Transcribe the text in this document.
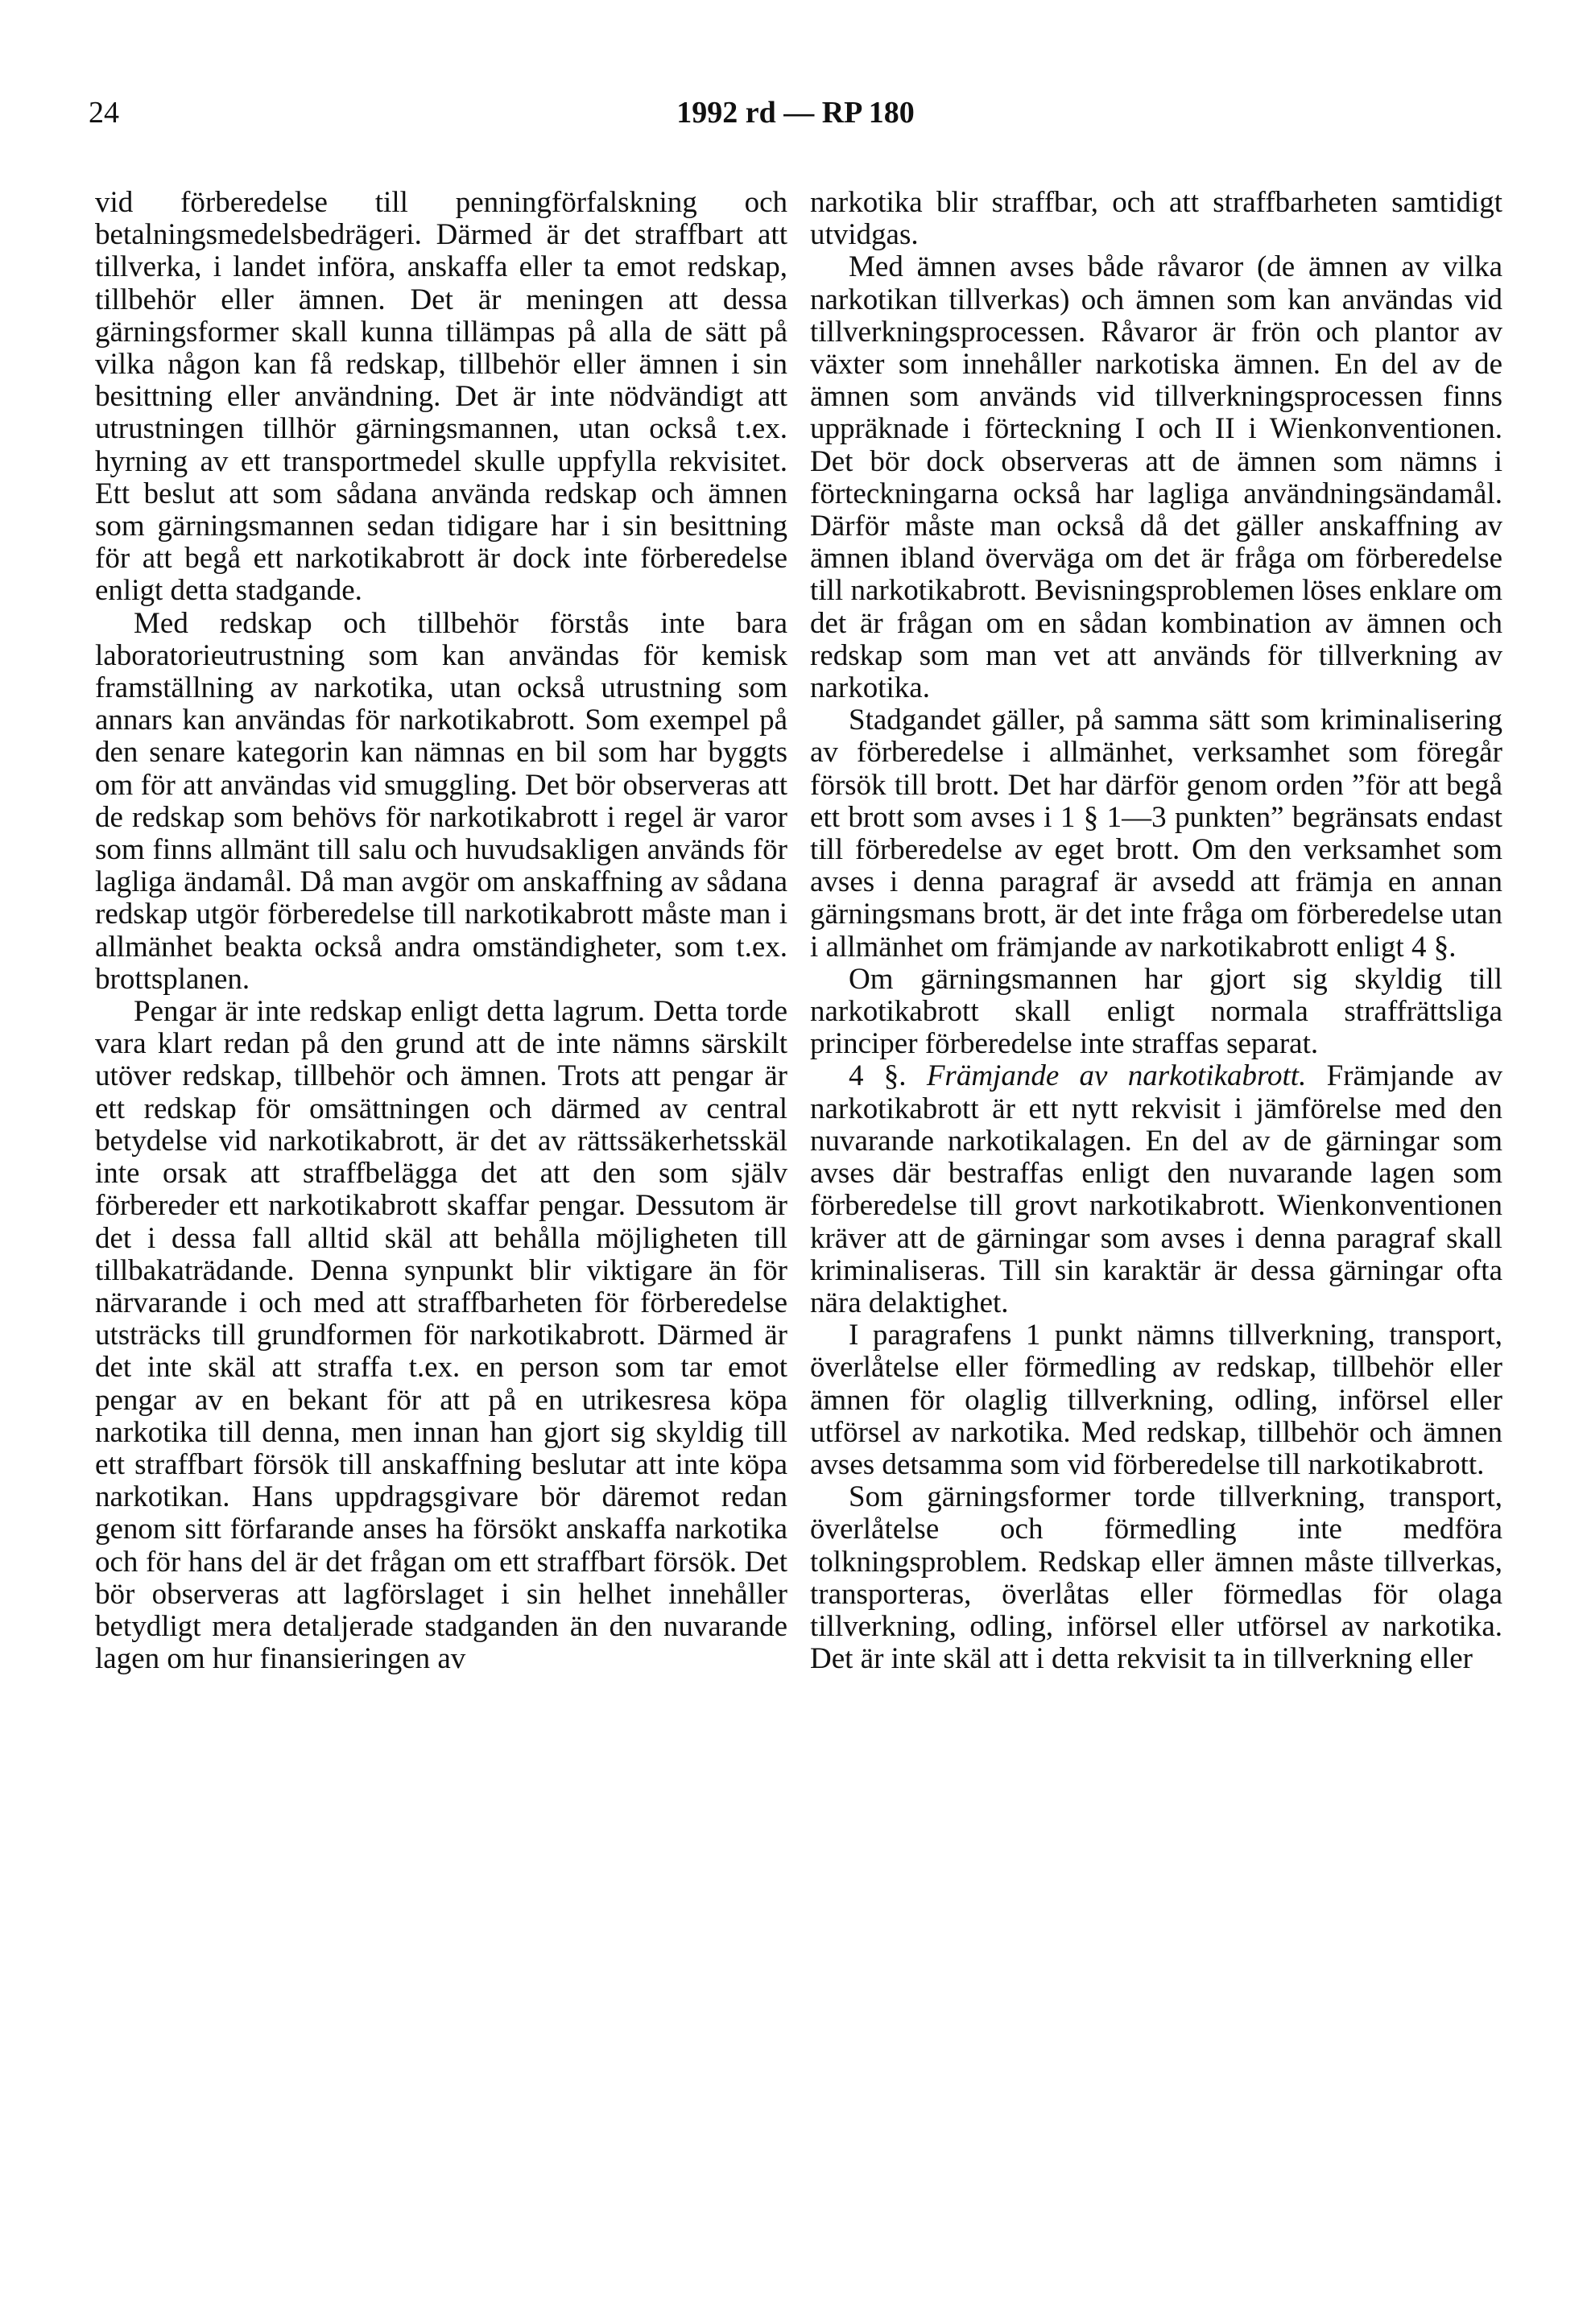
24	1992 rd — RP 180

vid förberedelse till penningförfalskning och betalningsmedelsbedrägeri. Därmed är det straffbart att tillverka, i landet införa, anskaffa eller ta emot redskap, tillbehör eller ämnen. Det är meningen att dessa gärningsformer skall kunna tillämpas på alla de sätt på vilka någon kan få redskap, tillbehör eller ämnen i sin besittning eller användning. Det är inte nödvändigt att utrustningen tillhör gärningsmannen, utan också t.ex. hyrning av ett transportmedel skulle uppfylla rekvisitet. Ett beslut att som sådana använda redskap och ämnen som gärningsmannen sedan tidigare har i sin besittning för att begå ett narkotikabrott är dock inte förberedelse enligt detta stadgande.

Med redskap och tillbehör förstås inte bara laboratorieutrustning som kan användas för kemisk framställning av narkotika, utan också utrustning som annars kan användas för narkotikabrott. Som exempel på den senare kategorin kan nämnas en bil som har byggts om för att användas vid smuggling. Det bör observeras att de redskap som behövs för narkotikabrott i regel är varor som finns allmänt till salu och huvudsakligen används för lagliga ändamål. Då man avgör om anskaffning av sådana redskap utgör förberedelse till narkotikabrott måste man i allmänhet beakta också andra omständigheter, som t.ex. brottsplanen.

Pengar är inte redskap enligt detta lagrum. Detta torde vara klart redan på den grund att de inte nämns särskilt utöver redskap, tillbehör och ämnen. Trots att pengar är ett redskap för omsättningen och därmed av central betydelse vid narkotikabrott, är det av rättssäkerhetsskäl inte orsak att straffbelägga det att den som själv förbereder ett narkotikabrott skaffar pengar. Dessutom är det i dessa fall alltid skäl att behålla möjligheten till tillbakaträdande. Denna synpunkt blir viktigare än för närvarande i och med att straffbarheten för förberedelse utsträcks till grundformen för narkotikabrott. Därmed är det inte skäl att straffa t.ex. en person som tar emot pengar av en bekant för att på en utrikesresa köpa narkotika till denna, men innan han gjort sig skyldig till ett straffbart försök till anskaffning beslutar att inte köpa narkotikan. Hans uppdragsgivare bör däremot redan genom sitt förfarande anses ha försökt anskaffa narkotika och för hans del är det frågan om ett straffbart försök. Det bör observeras att lagförslaget i sin helhet innehåller betydligt mera detaljerade stadganden än den nuvarande lagen om hur finansieringen av

narkotika blir straffbar, och att straffbarheten samtidigt utvidgas.

Med ämnen avses både råvaror (de ämnen av vilka narkotikan tillverkas) och ämnen som kan användas vid tillverkningsprocessen. Råvaror är frön och plantor av växter som innehåller narkotiska ämnen. En del av de ämnen som används vid tillverkningsprocessen finns uppräknade i förteckning I och II i Wienkonventionen. Det bör dock observeras att de ämnen som nämns i förteckningarna också har lagliga användningsändamål. Därför måste man också då det gäller anskaffning av ämnen ibland överväga om det är fråga om förberedelse till narkotikabrott. Bevisningsproblemen löses enklare om det är frågan om en sådan kombination av ämnen och redskap som man vet att används för tillverkning av narkotika.

Stadgandet gäller, på samma sätt som kriminalisering av förberedelse i allmänhet, verksamhet som föregår försök till brott. Det har därför genom orden ”för att begå ett brott som avses i 1 § 1—3 punkten” begränsats endast till förberedelse av eget brott. Om den verksamhet som avses i denna paragraf är avsedd att främja en annan gärningsmans brott, är det inte fråga om förberedelse utan i allmänhet om främjande av narkotikabrott enligt 4 §.

Om gärningsmannen har gjort sig skyldig till narkotikabrott skall enligt normala straffrättsliga principer förberedelse inte straffas separat.

4 §. Främjande av narkotikabrott. Främjande av narkotikabrott är ett nytt rekvisit i jämförelse med den nuvarande narkotikalagen. En del av de gärningar som avses där bestraffas enligt den nuvarande lagen som förberedelse till grovt narkotikabrott. Wienkonventionen kräver att de gärningar som avses i denna paragraf skall kriminaliseras. Till sin karaktär är dessa gärningar ofta nära delaktighet.

I paragrafens 1 punkt nämns tillverkning, transport, överlåtelse eller förmedling av redskap, tillbehör eller ämnen för olaglig tillverkning, odling, införsel eller utförsel av narkotika. Med redskap, tillbehör och ämnen avses detsamma som vid förberedelse till narkotikabrott.

Som gärningsformer torde tillverkning, transport, överlåtelse och förmedling inte medföra tolkningsproblem. Redskap eller ämnen måste tillverkas, transporteras, överlåtas eller förmedlas för olaga tillverkning, odling, införsel eller utförsel av narkotika. Det är inte skäl att i detta rekvisit ta in tillverkning eller
